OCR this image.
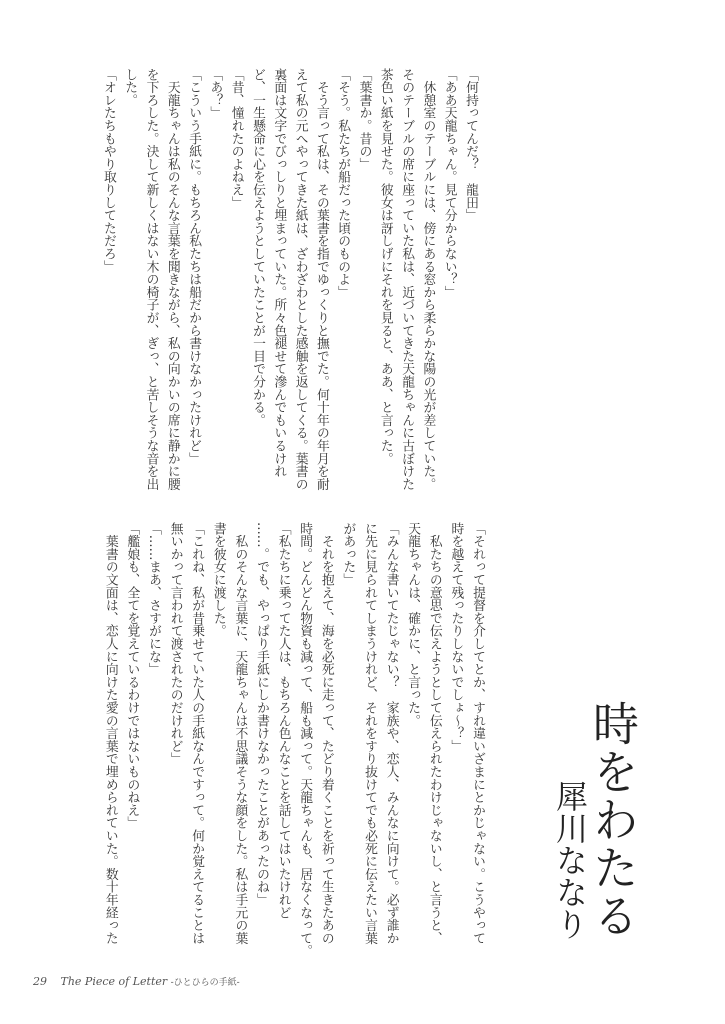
「何持ってんだ？　龍田」
「ああ天龍ちゃん。見て分からない？」
　休憩室のテーブルには、傍にある窓から柔らかな陽の光が差していた。
そのテーブルの席に座っていた私は、近づいてきた天龍ちゃんに古ぼけた
茶色い紙を見せた。彼女は訝しげにそれを見ると、ああ、と言った。
「葉書か。昔の」
「そう。私たちが船だった頃のものよ」
　そう言って私は、その葉書を指でゆっくりと撫でた。何十年の年月を耐
えて私の元へやってきた紙は、ざわざわとした感触を返してくる。葉書の
裏面は文字でびっしりと埋まっていた。所々色褪せて滲んでもいるけれ
ど、一生懸命に心を伝えようとしていたことが一目で分かる。
「昔、憧れたのよねえ」
「あ？」
「こういう手紙に。もちろん私たちは船だから書けなかったけれど」
　天龍ちゃんは私のそんな言葉を聞きながら、私の向かいの席に静かに腰
を下ろした。決して新しくはない木の椅子が、ぎっ、と苦しそうな音を出
した。
「オレたちもやり取りしてただろ」
「それって提督を介してとか、すれ違いざまにとかじゃない。こうやって
時を越えて残ったりしないでしょ～？」
　私たちの意思で伝えようとして伝えられたわけじゃないし、と言うと、
天龍ちゃんは、確かに、と言った。
「みんな書いてたじゃない？　家族や、恋人、みんなに向けて。必ず誰か
に先に見られてしまうけれど、それをすり抜けてでも必死に伝えたい言葉
があった」
　それを抱えて、海を必死に走って、たどり着くことを祈って生きたあの
時間。どんどん物資も減って、船も減って。天龍ちゃんも、居なくなって。
「私たちに乗ってた人は、もちろん色んなことを話してはいたけれど
……。でも、やっぱり手紙にしか書けなかったことがあったのね」
　私のそんな言葉に、天龍ちゃんは不思議そうな顔をした。私は手元の葉
書を彼女に渡した。
「これね、私が昔乗せていた人の手紙なんですって。何か覚えてることは
無いかって言われて渡されたのだけれど」
「……まあ、さすがにな」
「艦娘も、全てを覚えているわけではないものねえ」
　葉書の文面は、恋人に向けた愛の言葉で埋められていた。数十年経った	時をわたる
犀川ななり
29 The Piece of Letter -ひとひらの手紙-
